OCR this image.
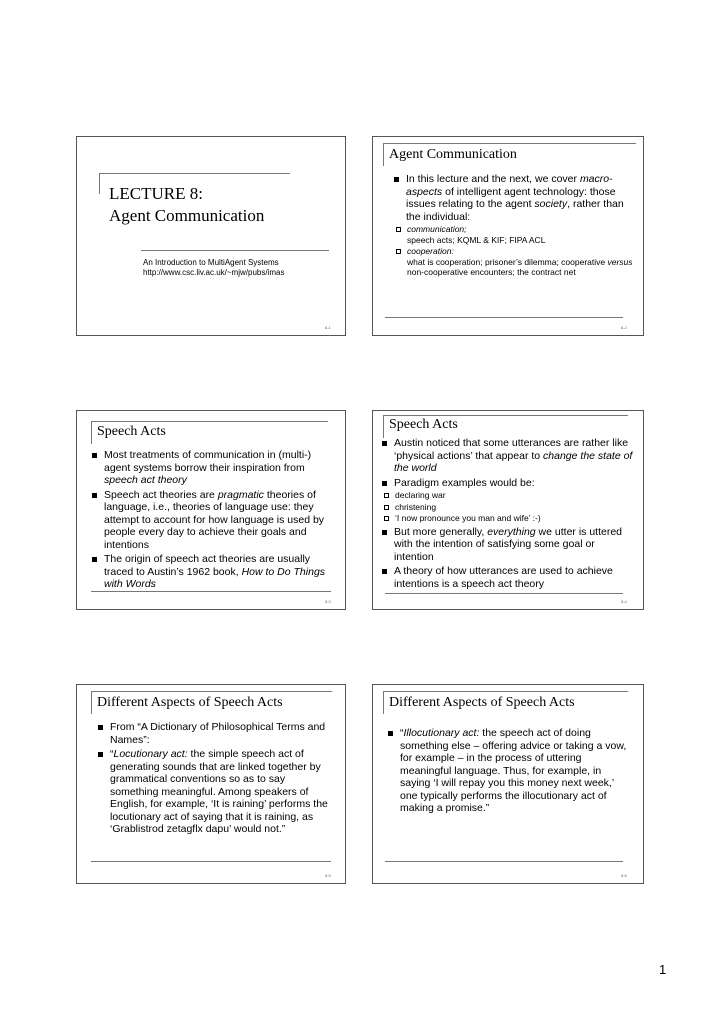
LECTURE 8:
Agent Communication
An Introduction to MultiAgent Systems
http://www.csc.liv.ac.uk/~mjw/pubs/imas
8-1
Agent Communication
In this lecture and the next, we cover macro-aspects of intelligent agent technology: those issues relating to the agent society, rather than the individual:
communication;
speech acts; KQML & KIF; FIPA ACL
cooperation:
what is cooperation; prisoner’s dilemma; cooperative versus non-cooperative encounters; the contract net
8-2
Speech Acts
Most treatments of communication in (multi-) agent systems borrow their inspiration from speech act theory
Speech act theories are pragmatic theories of language, i.e., theories of language use: they attempt to account for how language is used by people every day to achieve their goals and intentions
The origin of speech act theories are usually traced to Austin’s 1962 book, How to Do Things with Words
8-3
Speech Acts
Austin noticed that some utterances are rather like ‘physical actions’ that appear to change the state of the world
Paradigm examples would be:
declaring war
christening
‘I now pronounce you man and wife’ :-)
But more generally, everything we utter is uttered with the intention of satisfying some goal or intention
A theory of how utterances are used to achieve intentions is a speech act theory
8-4
Different Aspects of Speech Acts
From “A Dictionary of Philosophical Terms and Names”:
“Locutionary act: the simple speech act of generating sounds that are linked together by grammatical conventions so as to say something meaningful. Among speakers of English, for example, ‘It is raining’ performs the locutionary act of saying that it is raining, as ‘Grablistrod zetagflx dapu’ would not.”
8-5
Different Aspects of Speech Acts
“Illocutionary act: the speech act of doing something else – offering advice or taking a vow, for example – in the process of uttering meaningful language. Thus, for example, in saying ‘I will repay you this money next week,’ one typically performs the illocutionary act of making a promise.”
8-6
1
